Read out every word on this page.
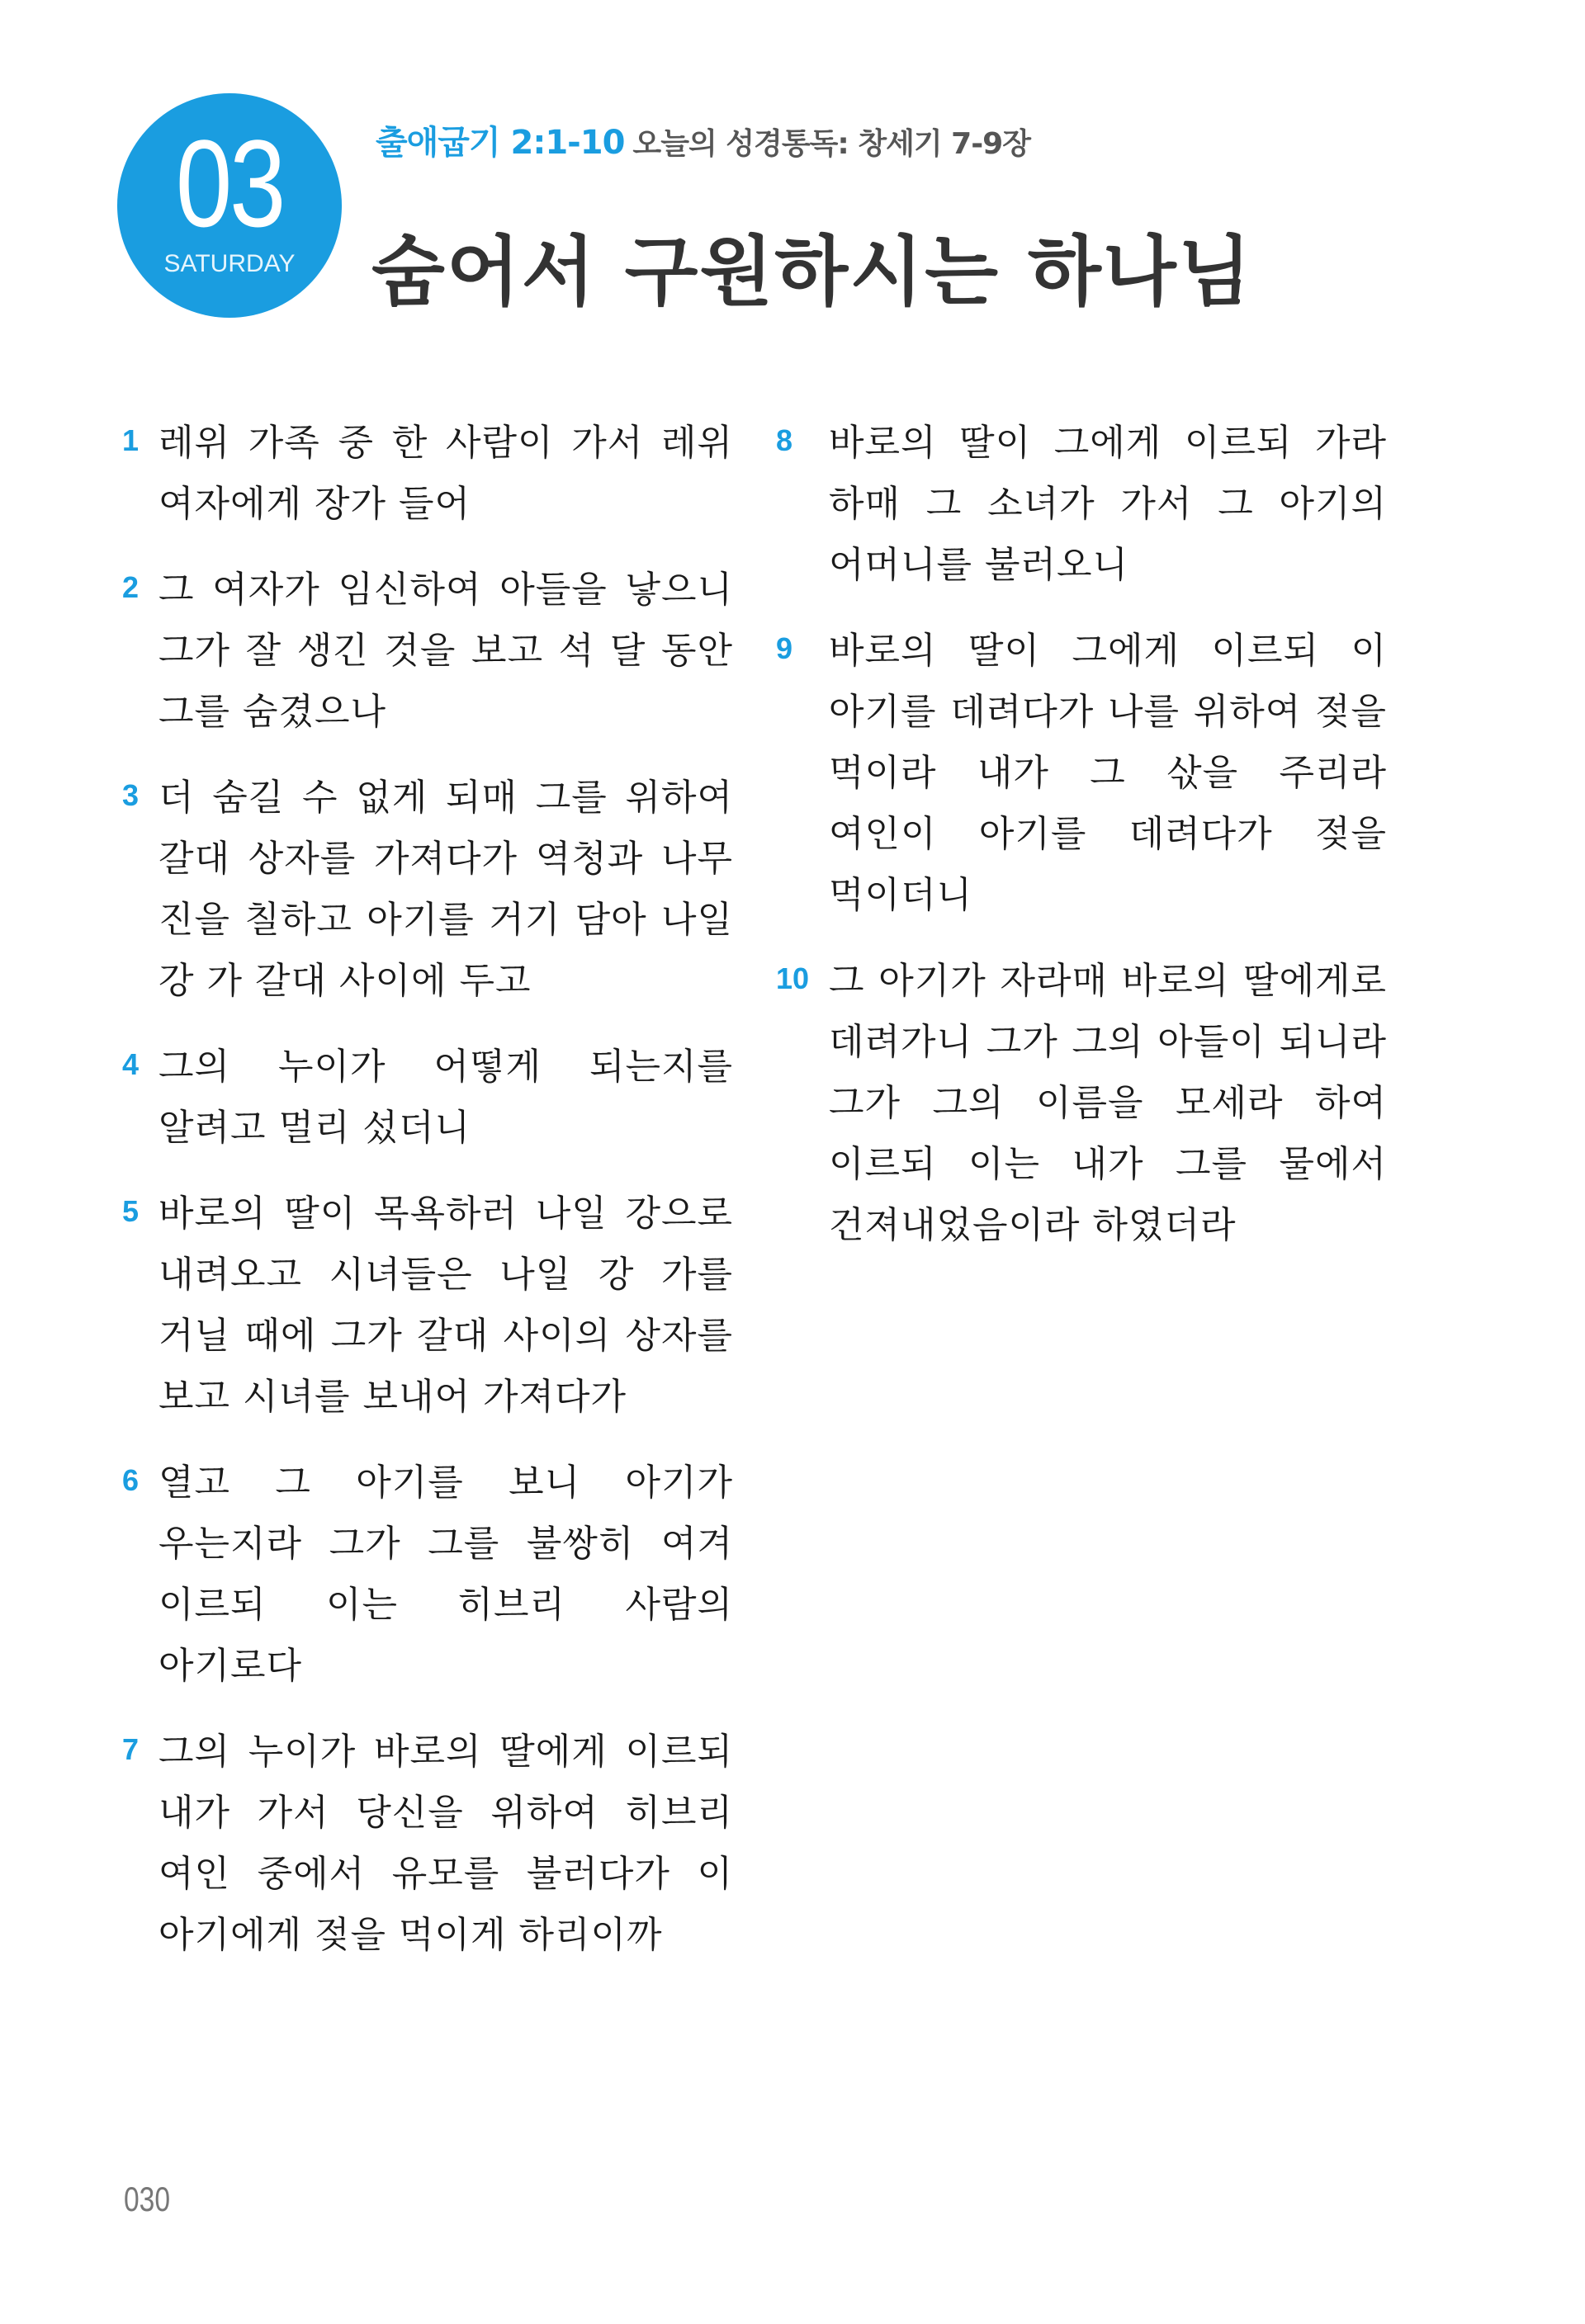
03
SATURDAY
출애굽기 2:1-10 오늘의 성경통독: 창세기 7-9장
숨어서 구원하시는 하나님
1 레위 가족 중 한 사람이 가서 레위 여자에게 장가 들어
2 그 여자가 임신하여 아들을 낳으니 그가 잘 생긴 것을 보고 석 달 동안 그를 숨겼으나
3 더 숨길 수 없게 되매 그를 위하여 갈대 상자를 가져다가 역청과 나무 진을 칠하고 아기를 거기 담아 나일 강 가 갈대 사이에 두고
4 그의 누이가 어떻게 되는지를 알려고 멀리 섰더니
5 바로의 딸이 목욕하러 나일 강으로 내려오고 시녀들은 나일 강 가를 거닐 때에 그가 갈대 사이의 상자를 보고 시녀를 보내어 가져다가
6 열고 그 아기를 보니 아기가 우는지라 그가 그를 불쌍히 여겨 이르되 이는 히브리 사람의 아기로다
7 그의 누이가 바로의 딸에게 이르되 내가 가서 당신을 위하여 히브리 여인 중에서 유모를 불러다가 이 아기에게 젖을 먹이게 하리이까
8 바로의 딸이 그에게 이르되 가라 하매 그 소녀가 가서 그 아기의 어머니를 불러오니
9 바로의 딸이 그에게 이르되 이 아기를 데려다가 나를 위하여 젖을 먹이라 내가 그 삯을 주리라 여인이 아기를 데려다가 젖을 먹이더니
10 그 아기가 자라매 바로의 딸에게로 데려가니 그가 그의 아들이 되니라 그가 그의 이름을 모세라 하여 이르되 이는 내가 그를 물에서 건져내었음이라 하였더라
030
